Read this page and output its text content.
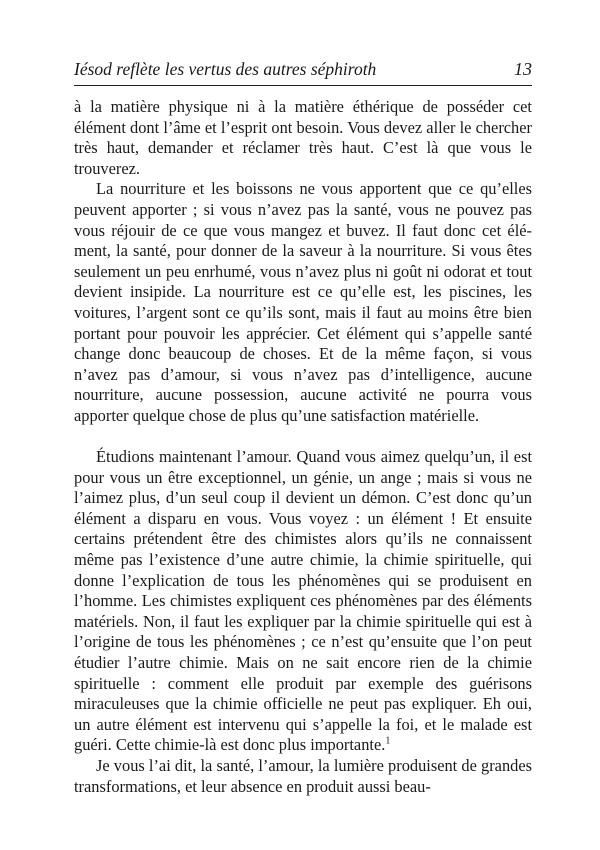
Iésod reflète les vertus des autres séphiroth	13

à la matière physique ni à la matière éthérique de posséder cet élément dont l’âme et l’esprit ont besoin. Vous devez aller le chercher très haut, demander et réclamer très haut. C’est là que vous le trouverez.

La nourriture et les boissons ne vous apportent que ce qu’elles peuvent apporter ; si vous n’avez pas la santé, vous ne pouvez pas vous réjouir de ce que vous mangez et buvez. Il faut donc cet élément, la santé, pour donner de la saveur à la nourriture. Si vous êtes seulement un peu enrhumé, vous n’avez plus ni goût ni odorat et tout devient insipide. La nourriture est ce qu’elle est, les piscines, les voitures, l’argent sont ce qu’ils sont, mais il faut au moins être bien portant pour pouvoir les apprécier. Cet élément qui s’appelle santé change donc beaucoup de choses. Et de la même façon, si vous n’avez pas d’amour, si vous n’avez pas d’intelligence, aucune nourriture, aucune possession, aucune activité ne pourra vous apporter quelque chose de plus qu’une satisfaction matérielle.

Étudions maintenant l’amour. Quand vous aimez quelqu’un, il est pour vous un être exceptionnel, un génie, un ange ; mais si vous ne l’aimez plus, d’un seul coup il devient un démon. C’est donc qu’un élément a disparu en vous. Vous voyez : un élément ! Et ensuite certains prétendent être des chimistes alors qu’ils ne connaissent même pas l’existence d’une autre chimie, la chimie spirituelle, qui donne l’explication de tous les phénomènes qui se produisent en l’homme. Les chimistes expliquent ces phénomènes par des éléments matériels. Non, il faut les expliquer par la chimie spirituelle qui est à l’origine de tous les phénomènes ; ce n’est qu’ensuite que l’on peut étudier l’autre chimie. Mais on ne sait encore rien de la chimie spirituelle : comment elle produit par exemple des guérisons miraculeuses que la chimie officielle ne peut pas expliquer. Eh oui, un autre élément est intervenu qui s’appelle la foi, et le malade est guéri. Cette chimie-là est donc plus importante.$^1$

Je vous l’ai dit, la santé, l’amour, la lumière produisent de grandes transformations, et leur absence en produit aussi beau-
